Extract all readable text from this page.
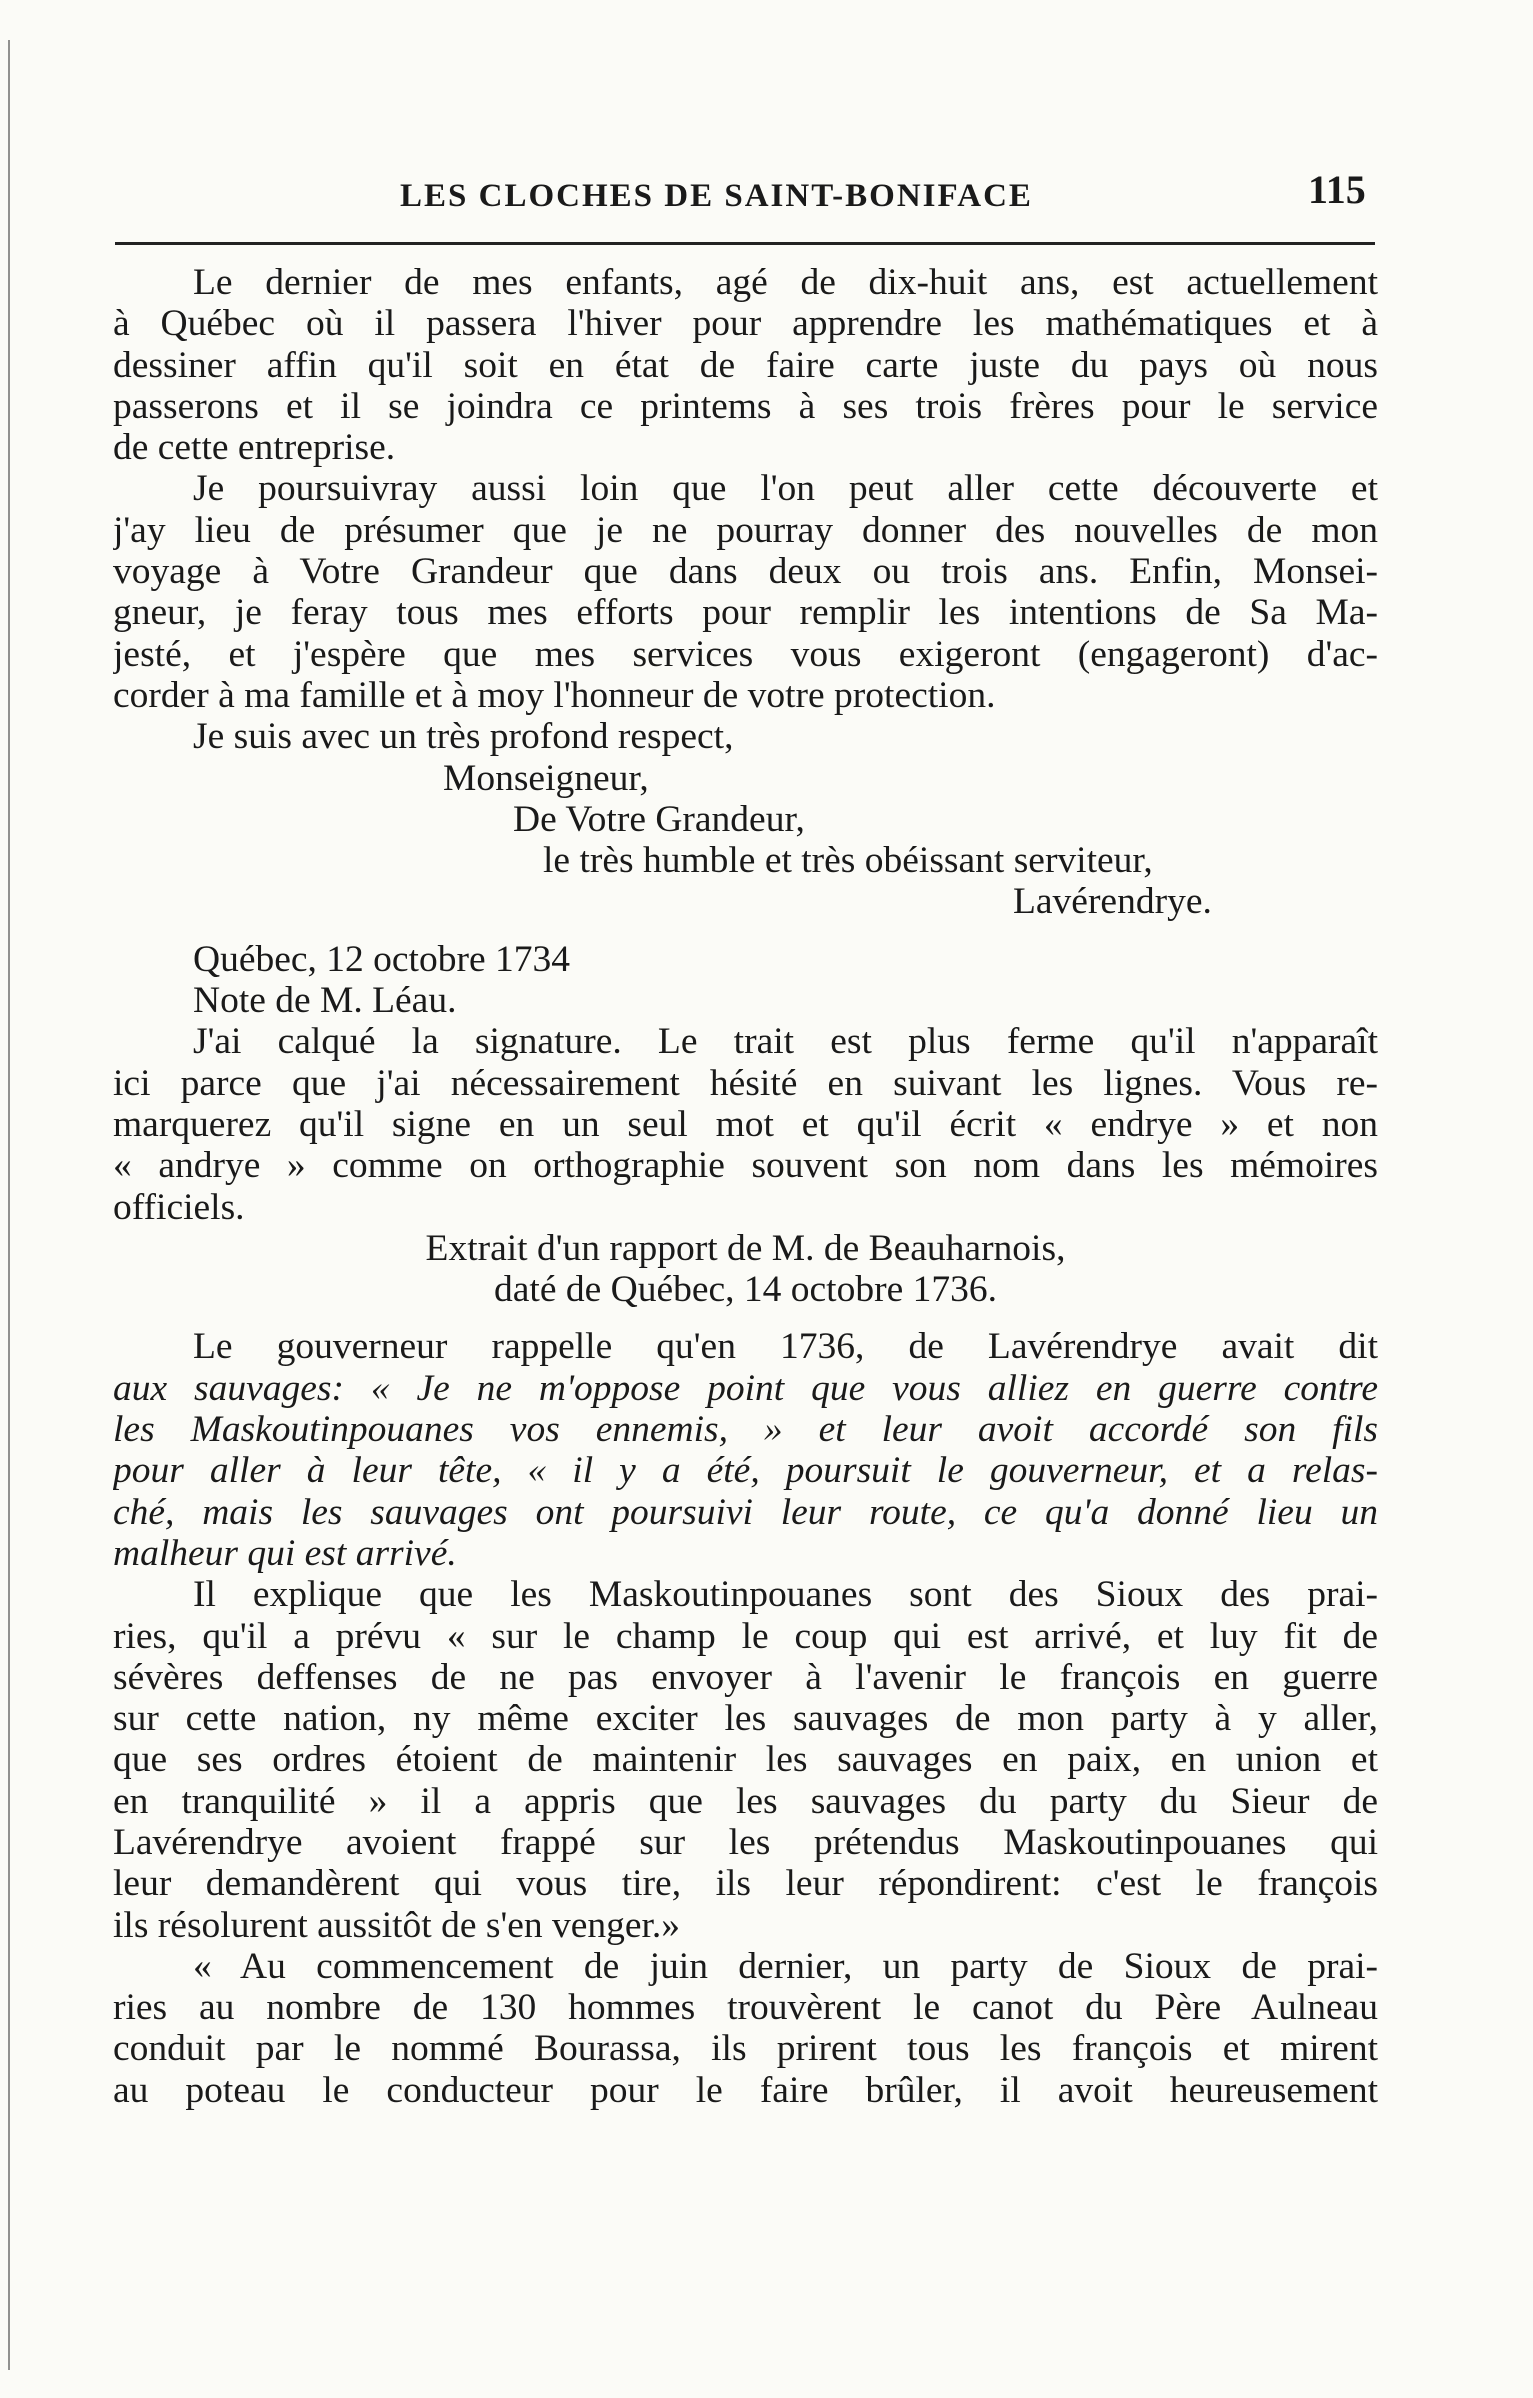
LES CLOCHES DE SAINT-BONIFACE	115
Le dernier de mes enfants, agé de dix-huit ans, est actuellement
à Québec où il passera l'hiver pour apprendre les mathématiques et à
dessiner affin qu'il soit en état de faire carte juste du pays où nous
passerons et il se joindra ce printems à ses trois frères pour le service
de cette entreprise.
Je poursuivray aussi loin que l'on peut aller cette découverte et
j'ay lieu de présumer que je ne pourray donner des nouvelles de mon
voyage à Votre Grandeur que dans deux ou trois ans. Enfin, Monsei-
gneur, je feray tous mes efforts pour remplir les intentions de Sa Ma-
jesté, et j'espère que mes services vous exigeront (engageront) d'ac-
corder à ma famille et à moy l'honneur de votre protection.
Je suis avec un très profond respect,
Monseigneur,
De Votre Grandeur,
le très humble et très obéissant serviteur,
Lavérendrye.
Québec, 12 octobre 1734
Note de M. Léau.
J'ai calqué la signature. Le trait est plus ferme qu'il n'apparaît
ici parce que j'ai nécessairement hésité en suivant les lignes. Vous re-
marquerez qu'il signe en un seul mot et qu'il écrit « endrye » et non
« andrye » comme on orthographie souvent son nom dans les mémoires
officiels.
Extrait d'un rapport de M. de Beauharnois,
daté de Québec, 14 octobre 1736.
Le gouverneur rappelle qu'en 1736, de Lavérendrye avait dit
aux sauvages: « Je ne m'oppose point que vous alliez en guerre contre
les Maskoutinpouanes vos ennemis, » et leur avoit accordé son fils
pour aller à leur tête, « il y a été, poursuit le gouverneur, et a relas-
ché, mais les sauvages ont poursuivi leur route, ce qu'a donné lieu un
malheur qui est arrivé.
Il explique que les Maskoutinpouanes sont des Sioux des prai-
ries, qu'il a prévu « sur le champ le coup qui est arrivé, et luy fit de
sévères deffenses de ne pas envoyer à l'avenir le françois en guerre
sur cette nation, ny même exciter les sauvages de mon party à y aller,
que ses ordres étoient de maintenir les sauvages en paix, en union et
en tranquilité » il a appris que les sauvages du party du Sieur de
Lavérendrye avoient frappé sur les prétendus Maskoutinpouanes qui
leur demandèrent qui vous tire, ils leur répondirent: c'est le françois
ils résolurent aussitôt de s'en venger.»
« Au commencement de juin dernier, un party de Sioux de prai-
ries au nombre de 130 hommes trouvèrent le canot du Père Aulneau
conduit par le nommé Bourassa, ils prirent tous les françois et mirent
au poteau le conducteur pour le faire brûler, il avoit heureusement
